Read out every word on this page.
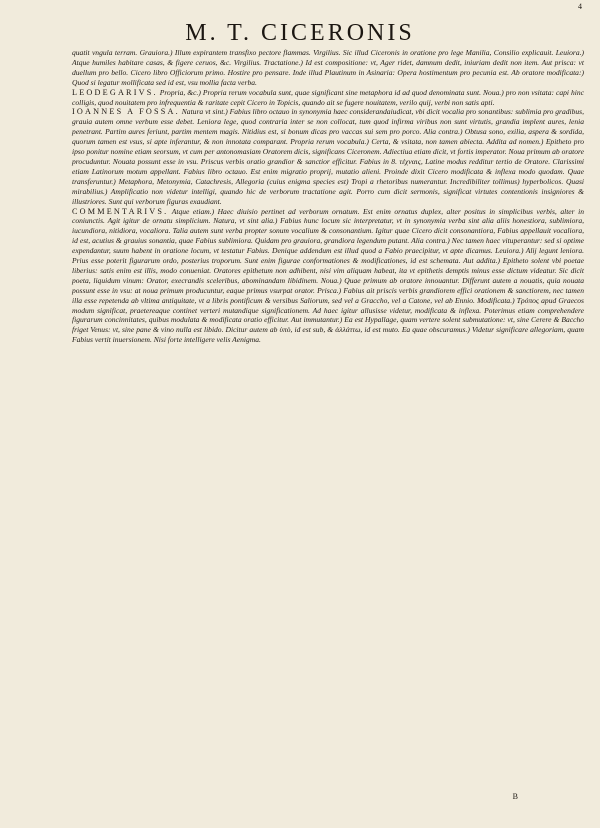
4
M. T. CICERONIS

quatit vngula terram. Grauiora.) Illum expirantem transfixo pectore flammas. Virgilius. Sic illud Ciceronis in oratione pro lege Manilia, Consilio explicauit. Leuiora.) Atque humiles habitare casas, & figere ceruos, &c. Virgilius. Tractatione.) Id est compositione: vt, Ager ridet, damnum dedit, iniuriam dedit non item. Aut prisca: vt duellum pro bello. Cicero libro Officiorum primo. Hostire pro pensare. Inde illud Plautinum in Asinaria: Opera hostimentum pro pecunia est. Ab oratore modificata:) Quod si legatur mollificata sed id est, vsu mollia facta verba.

LEODEGARIVS. Propria, &c.) Propria rerum vocabula sunt, quae significant sine metaphora id ad quod denominata sunt. Noua.) pro non vsitata: capi hinc colligis, quod nouitatem pro infrequentia & raritate cepit Cicero in Topicis, quando ait se fugere nouitatem, verilo quij, verbi non satis apti.

IOANNES A FOSSA. Natura vt sint.) Fabius libro octauo in synonymia haec considerandaiudicat, vbi dicit vocalia pro sonantibus: sublimia pro gradibus, grauia autem omne verbum esse debet. Leniora lege, quod contraria inter se non collocat, tum quod infirma viribus non sunt virtutis, grandia implent aures, lenia penetrant. Partim aures feriunt, partim mentem magis. Nitidius est, si bonum dicas pro vaccas sui sem pro porco. Alia contra.) Obtusa sono, exilia, aspera & sordida, quorum tamen est vsus, si apte inferantur, & non innotata comparant. Propria rerum vocabula.) Certa, & vsitata, non tamen abiecta. Addita ad nomen.) Epitheto pro ipso ponitur nomine etiam seorsum, vt cum per antonomasiam Oratorem dicis, significans Ciceronem. Adiectiua etiam dicit, vt fortis imperator. Noua primum ab oratore procuduntur. Nouata possunt esse in vsu. Priscus verbis oratio grandior & sanctior efficitur. Fabius in 8. τέχναις, Latine modus redditur tertio de Oratore. Clarissimi etiam Latinorum motum appellant. Fabius libro octauo. Est enim migratio proprij, mutatio alieni. Proinde dixit Cicero modificata & inflexa modo quodam. Quae transferuntur.) Metaphora, Metonymia, Catachresis, Allegoria (cuius enigma species est) Tropi a rhetoribus numerantur. Incredibiliter tollimus) hyperbolicos. Quasi mirabilius.) Amplificatio non videtur intelligi, quando hic de verborum tractatione agit. Porro cum dicit sermonis, significat virtutes contentionis insigniores & illustriores. Sunt qui verborum figuras exaudiant.

COMMENTARIVS. Atque etiam.) Haec diuisio pertinet ad verborum ornatum. Est enim ornatus duplex, alter positus in simplicibus verbis, alter in coniunctis. Agit igitur de ornatu simplicium. Natura, vt sint alia.) Fabius hunc locum sic interpretatur, vt in synonymia verba sint alia aliis honestiora, sublimiora, iucundiora, nitidiora, vocaliora. Talia autem sunt verba propter sonum vocalium & consonantium. Igitur quae Cicero dicit consonantiora, Fabius appellauit vocaliora, id est, acutius & grauius sonantia, quae Fabius sublimiora. Quidam pro grauiora, grandiora legendum putant. Alia contra.) Nec tamen haec vituperantur: sed si optime expendantur, suum habent in oratione locum, vt testatur Fabius. Denique addendum est illud quod a Fabio praecipitur, vt apte dicamus. Leuiora.) Alij legunt leniora. Prius esse poterit figurarum ordo, posterius troporum. Sunt enim figurae conformationes & modificationes, id est schemata. Aut addita.) Epitheto solent vbi poetae liberius: satis enim est illis, modo conueniat. Oratores epithetum non adhibent, nisi vim aliquam habeat, ita vt epithetis demptis minus esse dictum videatur. Sic dicit poeta, liquidum vinum: Orator, execrandis sceleribus, abominandam libidinem. Noua.) Quae primum ab oratore innouantur. Differunt autem a nouatis, quia nouata possunt esse in vsu: at noua primum producuntur, eaque primus vsurpat orator. Prisca.) Fabius ait priscis verbis grandiorem effici orationem & sanctiorem, nec tamen illa esse repetenda ab vltima antiquitate, vt a libris pontificum & versibus Saliorum, sed vel a Graccho, vel a Catone, vel ab Ennio. Modificata.) Τρόπος apud Graecos modum significat, praetereaque continet verteri mutandique significationem. Ad haec igitur allusisse videtur, modificata & inflexa. Poterimus etiam comprehendere figurarum concinnitates, quibus modulata & modificata oratio efficitur. Aut immutantur.) Ea est Hypallage, quam vertere solent submutatione: vt, sine Cerere & Baccho friget Venus: vt, sine pane & vino nulla est libido. Dicitur autem ab ὑπὸ, id est sub, & ἀλλάττω, id est muto. Ea quae obscuramus.) Videtur significare allegoriam, quam Fabius vertit inuersionem. Nisi forte intelligere velis Aenigma.

B
